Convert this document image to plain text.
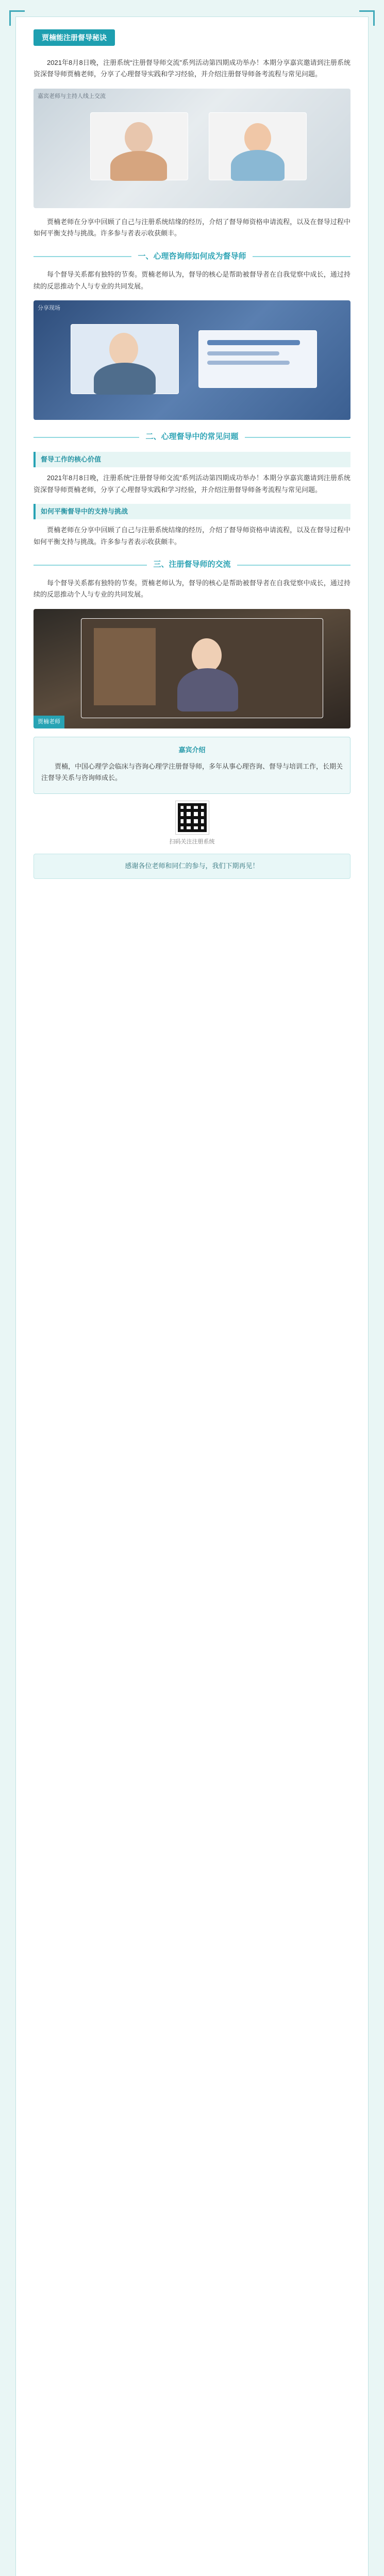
贾楠能注册督导秘诀

2021年8月8日晚，注册系统“注册督导师交流”系列活动第四期成功举办！本期分享嘉宾邀请到注册系统资深督导师贾楠老师，分享了心理督导实践和学习经验，并介绍注册督导师备考流程与常见问题。

嘉宾老师与主持人线上交流

贾楠老师在分享中回顾了自己与注册系统结缘的经历，介绍了督导师资格申请流程，以及在督导过程中如何平衡支持与挑战。许多参与者表示收获颇丰。

一、心理咨询师如何成为督导师

每个督导关系都有独特的节奏。贾楠老师认为，督导的核心是帮助被督导者在自我觉察中成长，通过持续的反思推动个人与专业的共同发展。

分享现场
二、心理督导中的常见问题
督导工作的核心价值

2021年8月8日晚，注册系统“注册督导师交流”系列活动第四期成功举办！本期分享嘉宾邀请到注册系统资深督导师贾楠老师，分享了心理督导实践和学习经验，并介绍注册督导师备考流程与常见问题。

如何平衡督导中的支持与挑战

贾楠老师在分享中回顾了自己与注册系统结缘的经历，介绍了督导师资格申请流程，以及在督导过程中如何平衡支持与挑战。许多参与者表示收获颇丰。

三、注册督导师的交流

每个督导关系都有独特的节奏。贾楠老师认为，督导的核心是帮助被督导者在自我觉察中成长，通过持续的反思推动个人与专业的共同发展。

贾楠老师
嘉宾介绍

贾楠，中国心理学会临床与咨询心理学注册督导师，多年从事心理咨询、督导与培训工作，长期关注督导关系与咨询师成长。

扫码关注注册系统
感谢各位老师和同仁的参与，我们下期再见！
